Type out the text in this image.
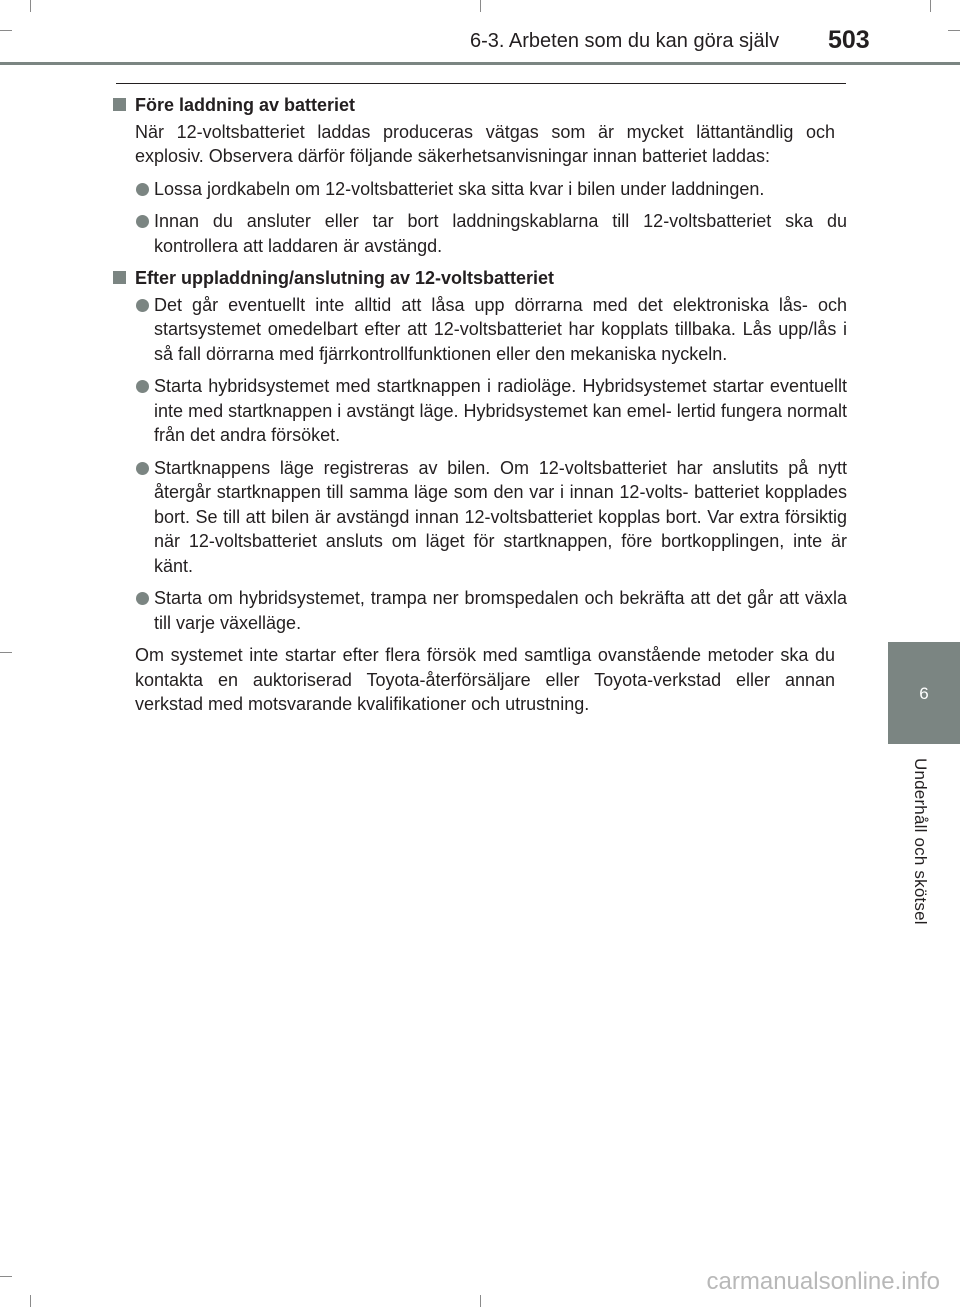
6-3. Arbeten som du kan göra själv 503
6
Underhåll och skötsel
Före laddning av batteriet
När 12-voltsbatteriet laddas produceras vätgas som är mycket lättantändlig och explosiv. Observera därför följande säkerhetsanvisningar innan batteriet laddas:
Lossa jordkabeln om 12-voltsbatteriet ska sitta kvar i bilen under laddningen.
Innan du ansluter eller tar bort laddningskablarna till 12-voltsbatteriet ska du kontrollera att laddaren är avstängd.
Efter uppladdning/anslutning av 12-voltsbatteriet
Det går eventuellt inte alltid att låsa upp dörrarna med det elektroniska lås- och startsystemet omedelbart efter att 12-voltsbatteriet har kopplats tillbaka. Lås upp/lås i så fall dörrarna med fjärrkontrollfunktionen eller den mekaniska nyckeln.
Starta hybridsystemet med startknappen i radioläge. Hybridsystemet startar eventuellt inte med startknappen i avstängt läge. Hybridsystemet kan emel- lertid fungera normalt från det andra försöket.
Startknappens läge registreras av bilen. Om 12-voltsbatteriet har anslutits på nytt återgår startknappen till samma läge som den var i innan 12-volts- batteriet kopplades bort. Se till att bilen är avstängd innan 12-voltsbatteriet kopplas bort. Var extra försiktig när 12-voltsbatteriet ansluts om läget för startknappen, före bortkopplingen, inte är känt.
Starta om hybridsystemet, trampa ner bromspedalen och bekräfta att det går att växla till varje växelläge.
Om systemet inte startar efter flera försök med samtliga ovanstående metoder ska du kontakta en auktoriserad Toyota-återförsäljare eller Toyota-verkstad eller annan verkstad med motsvarande kvalifikationer och utrustning.
carmanualsonline.info
